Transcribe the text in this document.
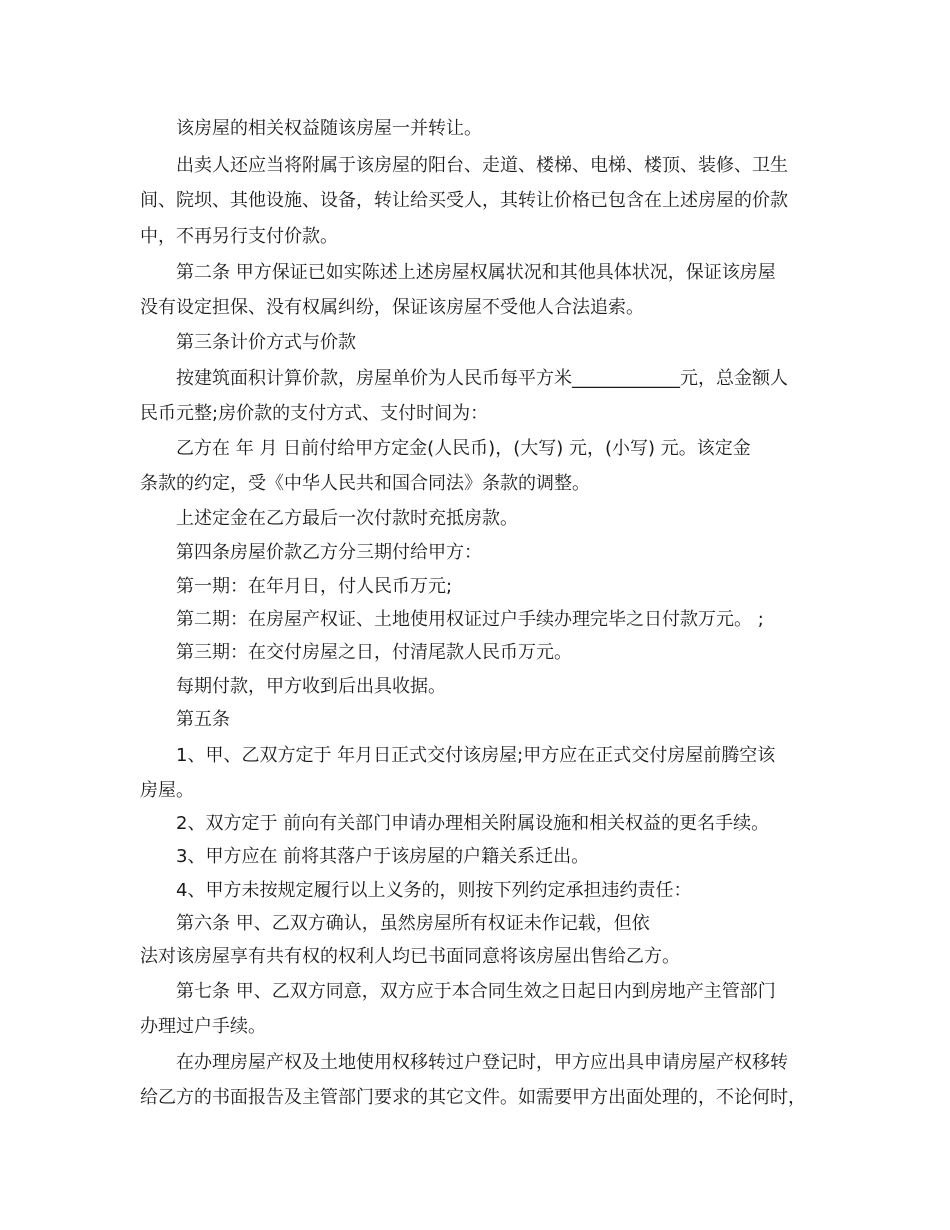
该房屋的相关权益随该房屋一并转让。
出卖人还应当将附属于该房屋的阳台、走道、楼梯、电梯、楼顶、装修、卫生
间、院坝、其他设施、设备，转让给买受人，其转让价格已包含在上述房屋的价款
中，不再另行支付价款。
第二条 甲方保证已如实陈述上述房屋权属状况和其他具体状况，保证该房屋
没有设定担保、没有权属纠纷，保证该房屋不受他人合法追索。
第三条计价方式与价款
按建筑面积计算价款，房屋单价为人民币每平方米____________元，总金额人
民币元整;房价款的支付方式、支付时间为：
乙方在 年 月 日前付给甲方定金(人民币)，(大写) 元，(小写) 元。该定金
条款的约定，受《中华人民共和国合同法》条款的调整。
上述定金在乙方最后一次付款时充抵房款。
第四条房屋价款乙方分三期付给甲方：
第一期：在年月日，付人民币万元;
第二期：在房屋产权证、土地使用权证过户手续办理完毕之日付款万元。 ;
第三期：在交付房屋之日，付清尾款人民币万元。
每期付款，甲方收到后出具收据。
第五条
1、甲、乙双方定于 年月日正式交付该房屋;甲方应在正式交付房屋前腾空该
房屋。
2、双方定于 前向有关部门申请办理相关附属设施和相关权益的更名手续。
3、甲方应在 前将其落户于该房屋的户籍关系迁出。
4、甲方未按规定履行以上义务的，则按下列约定承担违约责任：
第六条 甲、乙双方确认，虽然房屋所有权证未作记载，但依
法对该房屋享有共有权的权利人均已书面同意将该房屋出售给乙方。
第七条 甲、乙双方同意，双方应于本合同生效之日起日内到房地产主管部门
办理过户手续。
在办理房屋产权及土地使用权移转过户登记时，甲方应出具申请房屋产权移转
给乙方的书面报告及主管部门要求的其它文件。如需要甲方出面处理的，不论何时，
